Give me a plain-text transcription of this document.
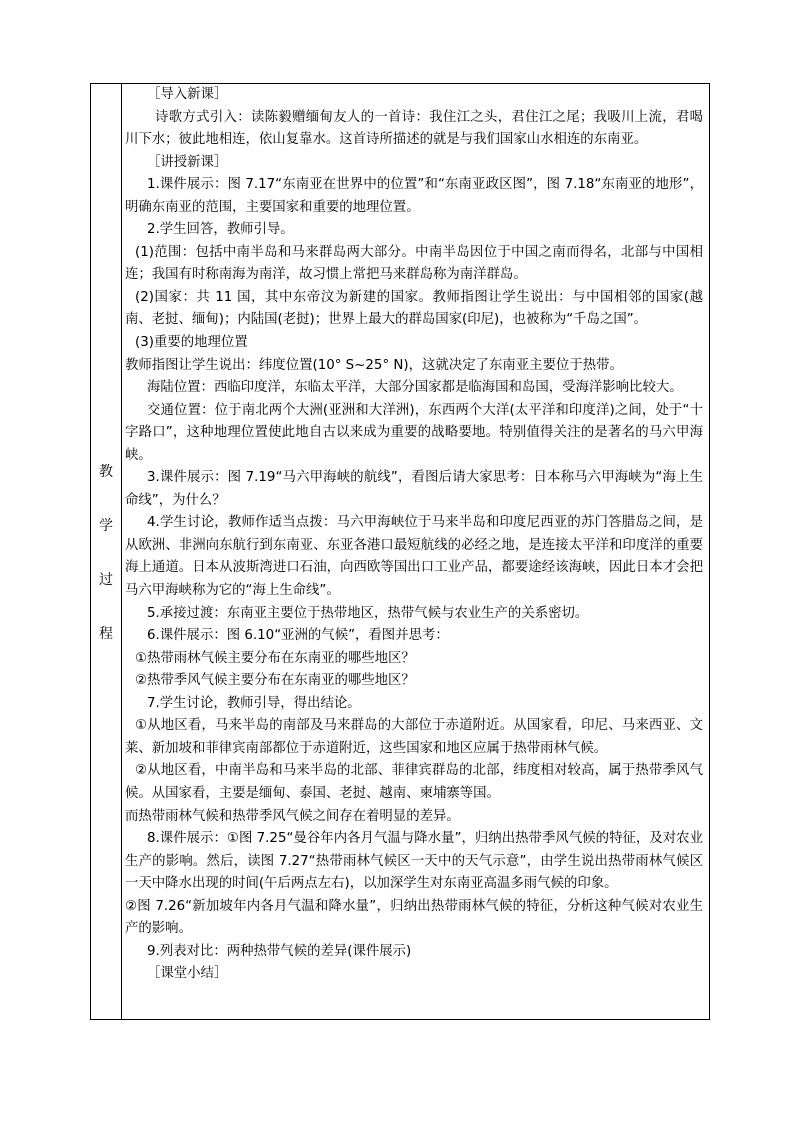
教
学
过
程

［导入新课］

诗歌方式引入：读陈毅赠缅甸友人的一首诗：我住江之头，君住江之尾；我吸川上流，君喝川下水；彼此地相连，依山复靠水。这首诗所描述的就是与我们国家山水相连的东南亚。

［讲授新课］

1.课件展示：图 7.17“东南亚在世界中的位置”和“东南亚政区图”，图 7.18“东南亚的地形”，明确东南亚的范围，主要国家和重要的地理位置。

2.学生回答，教师引导。

(1)范围：包括中南半岛和马来群岛两大部分。中南半岛因位于中国之南而得名，北部与中国相连；我国有时称南海为南洋，故习惯上常把马来群岛称为南洋群岛。

(2)国家：共 11 国，其中东帝汶为新建的国家。教师指图让学生说出：与中国相邻的国家(越南、老挝、缅甸)；内陆国(老挝)；世界上最大的群岛国家(印尼)，也被称为“千岛之国”。

(3)重要的地理位置

教师指图让学生说出：纬度位置(10° S~25° N)，这就决定了东南亚主要位于热带。

海陆位置：西临印度洋，东临太平洋，大部分国家都是临海国和岛国，受海洋影响比较大。

交通位置：位于南北两个大洲(亚洲和大洋洲)，东西两个大洋(太平洋和印度洋)之间，处于“十字路口”，这种地理位置使此地自古以来成为重要的战略要地。特别值得关注的是著名的马六甲海峡。

3.课件展示：图 7.19“马六甲海峡的航线”，看图后请大家思考：日本称马六甲海峡为“海上生命线”，为什么？

4.学生讨论，教师作适当点拨：马六甲海峡位于马来半岛和印度尼西亚的苏门答腊岛之间，是从欧洲、非洲向东航行到东南亚、东亚各港口最短航线的必经之地，是连接太平洋和印度洋的重要海上通道。日本从波斯湾进口石油，向西欧等国出口工业产品，都要途经该海峡，因此日本才会把马六甲海峡称为它的“海上生命线”。

5.承接过渡：东南亚主要位于热带地区，热带气候与农业生产的关系密切。

6.课件展示：图 6.10“亚洲的气候”，看图并思考：

①热带雨林气候主要分布在东南亚的哪些地区？

②热带季风气候主要分布在东南亚的哪些地区？

7.学生讨论，教师引导，得出结论。

①从地区看，马来半岛的南部及马来群岛的大部位于赤道附近。从国家看，印尼、马来西亚、文莱、新加坡和菲律宾南部都位于赤道附近，这些国家和地区应属于热带雨林气候。

②从地区看，中南半岛和马来半岛的北部、菲律宾群岛的北部，纬度相对较高，属于热带季风气候。从国家看，主要是缅甸、泰国、老挝、越南、柬埔寨等国。

而热带雨林气候和热带季风气候之间存在着明显的差异。

8.课件展示：①图 7.25“曼谷年内各月气温与降水量”，归纳出热带季风气候的特征，及对农业生产的影响。然后，读图 7.27“热带雨林气候区一天中的天气示意”，由学生说出热带雨林气候区一天中降水出现的时间(午后两点左右)，以加深学生对东南亚高温多雨气候的印象。

②图 7.26“新加坡年内各月气温和降水量”，归纳出热带雨林气候的特征，分析这种气候对农业生产的影响。

9.列表对比：两种热带气候的差异(课件展示)

［课堂小结］
